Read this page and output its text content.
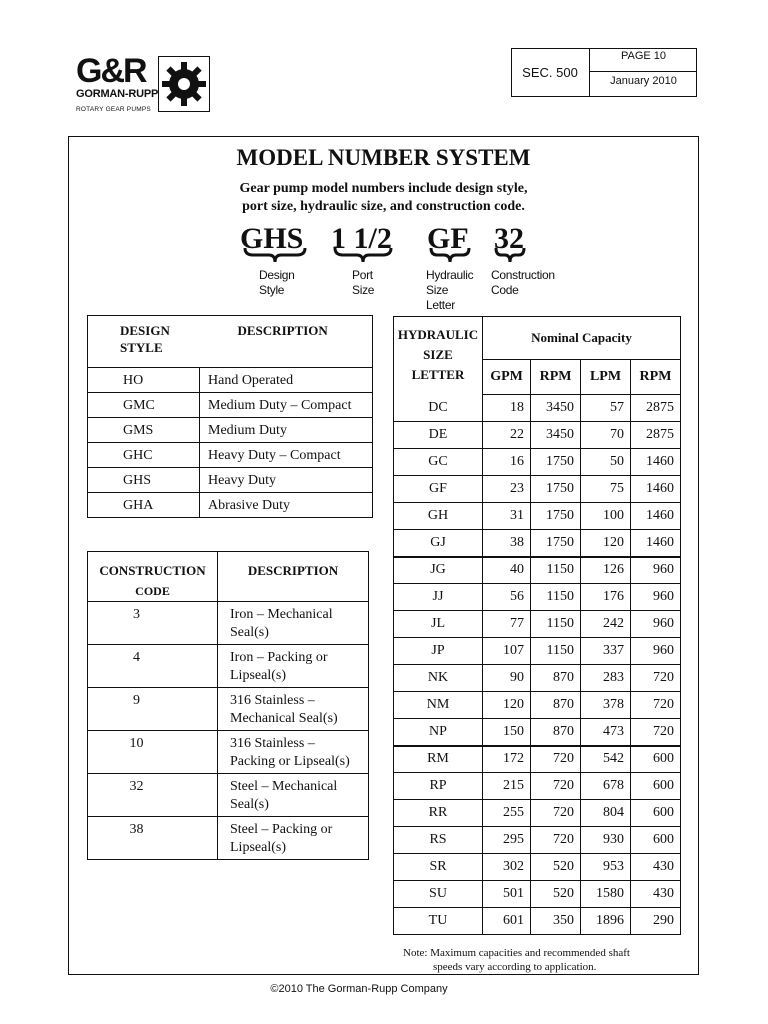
G&R
GORMAN-RUPP
ROTARY GEAR PUMPS
SEC. 500
PAGE 10
January 2010
MODEL NUMBER SYSTEM
Gear pump model numbers include design style,
port size, hydraulic size, and construction code.
GHS 1 1/2 GF 32
Design
Style
Port
Size
Hydraulic
Size
Letter
Construction
Code
DESIGN
STYLE	DESCRIPTION
HO	Hand Operated
GMC	Medium Duty – Compact
GMS	Medium Duty
GHC	Heavy Duty – Compact
GHS	Heavy Duty
GHA	Abrasive Duty
CONSTRUCTION
CODE	DESCRIPTION
3	Iron – Mechanical
Seal(s)

4	Iron – Packing or
Lipseal(s)

9	316 Stainless –
Mechanical Seal(s)

10	316 Stainless –
Packing or Lipseal(s)

32	Steel – Mechanical
Seal(s)

38	Steel – Packing or
Lipseal(s)
HYDRAULIC
SIZE
LETTER	Nominal Capacity			
	GPM	RPM	LPM	RPM
DC	18	3450	57	2875
DE	22	3450	70	2875
GC	16	1750	50	1460
GF	23	1750	75	1460
GH	31	1750	100	1460
GJ	38	1750	120	1460
JG	40	1150	126	960
JJ	56	1150	176	960
JL	77	1150	242	960
JP	107	1150	337	960
NK	90	870	283	720
NM	120	870	378	720
NP	150	870	473	720
RM	172	720	542	600
RP	215	720	678	600
RR	255	720	804	600
RS	295	720	930	600
SR	302	520	953	430
SU	501	520	1580	430
TU	601	350	1896	290
Note: Maximum capacities and recommended shaft
speeds vary according to application.
©2010 The Gorman-Rupp Company
